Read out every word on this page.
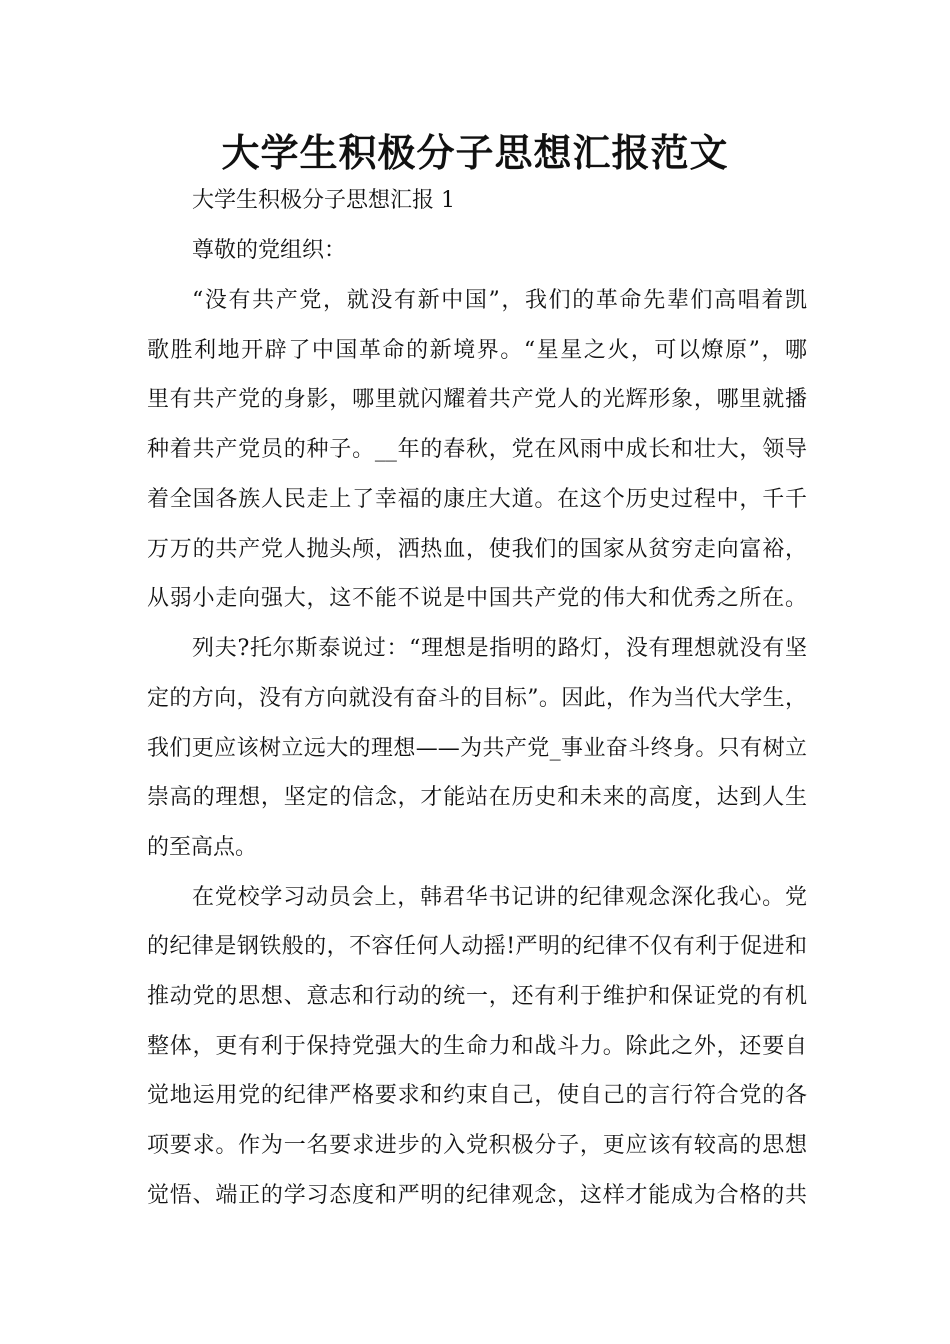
大学生积极分子思想汇报范文
大学生积极分子思想汇报 1
尊敬的党组织：
“没有共产党，就没有新中国”，我们的革命先辈们高唱着凯
歌胜利地开辟了中国革命的新境界。“星星之火，可以燎原”，哪
里有共产党的身影，哪里就闪耀着共产党人的光辉形象，哪里就播
种着共产党员的种子。__年的春秋，党在风雨中成长和壮大，领导
着全国各族人民走上了幸福的康庄大道。在这个历史过程中，千千
万万的共产党人抛头颅，洒热血，使我们的国家从贫穷走向富裕，
从弱小走向强大，这不能不说是中国共产党的伟大和优秀之所在。
列夫?托尔斯泰说过：“理想是指明的路灯，没有理想就没有坚
定的方向，没有方向就没有奋斗的目标”。因此，作为当代大学生，
我们更应该树立远大的理想——为共产党_事业奋斗终身。只有树立
崇高的理想，坚定的信念，才能站在历史和未来的高度，达到人生
的至高点。
在党校学习动员会上，韩君华书记讲的纪律观念深化我心。党
的纪律是钢铁般的，不容任何人动摇!严明的纪律不仅有利于促进和
推动党的思想、意志和行动的统一，还有利于维护和保证党的有机
整体，更有利于保持党强大的生命力和战斗力。除此之外，还要自
觉地运用党的纪律严格要求和约束自己，使自己的言行符合党的各
项要求。作为一名要求进步的入党积极分子，更应该有较高的思想
觉悟、端正的学习态度和严明的纪律观念，这样才能成为合格的共
